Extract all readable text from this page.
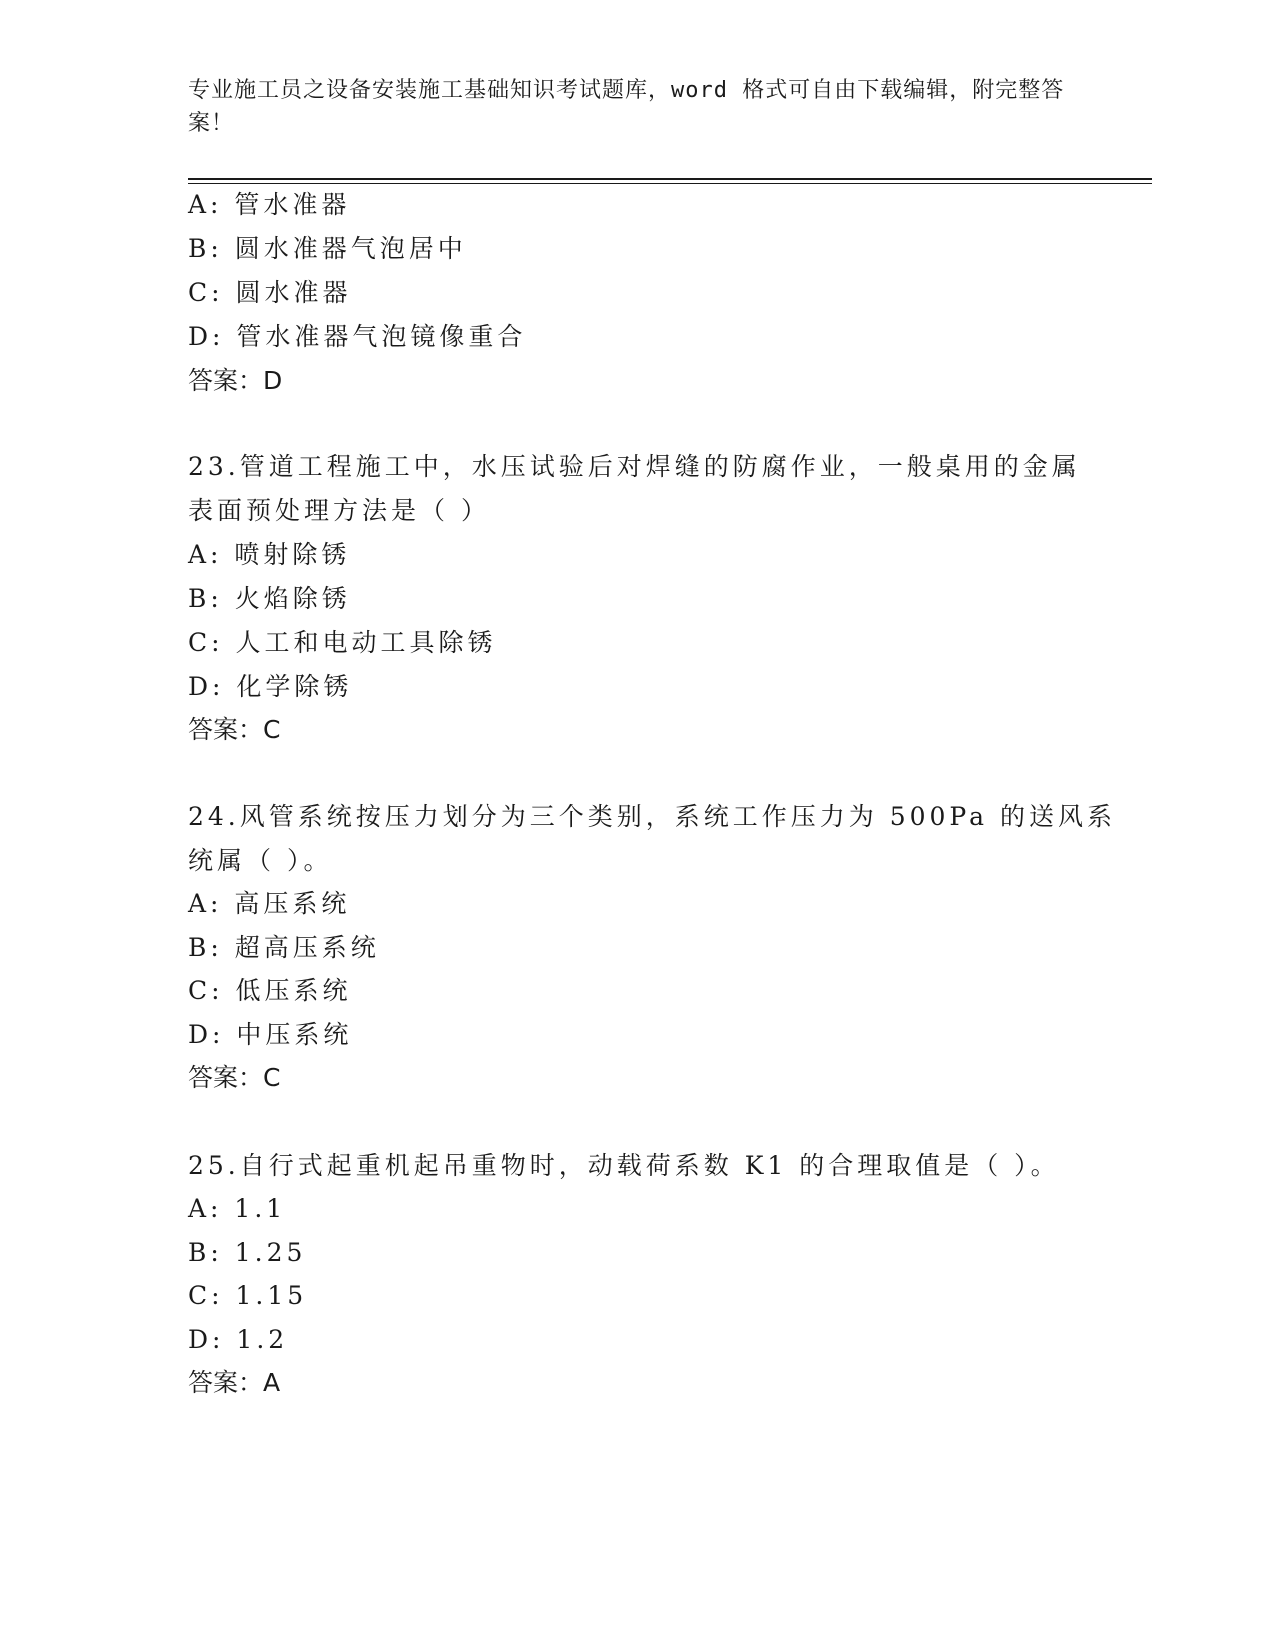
专业施工员之设备安装施工基础知识考试题库，word 格式可自由下载编辑，附完整答案！
A: 管水准器
B: 圆水准器气泡居中
C: 圆水准器
D: 管水准器气泡镜像重合
答案：D
23.管道工程施工中，水压试验后对焊缝的防腐作业，一般桌用的金属
表面预处理方法是（ ）
A: 喷射除锈
B: 火焰除锈
C: 人工和电动工具除锈
D: 化学除锈
答案：C
24.风管系统按压力划分为三个类别，系统工作压力为 500Pa 的送风系
统属（ ）。
A: 高压系统
B: 超高压系统
C: 低压系统
D: 中压系统
答案：C
25.自行式起重机起吊重物时，动载荷系数 K1 的合理取值是（ ）。
A: 1.1
B: 1.25
C: 1.15
D: 1.2
答案：A
